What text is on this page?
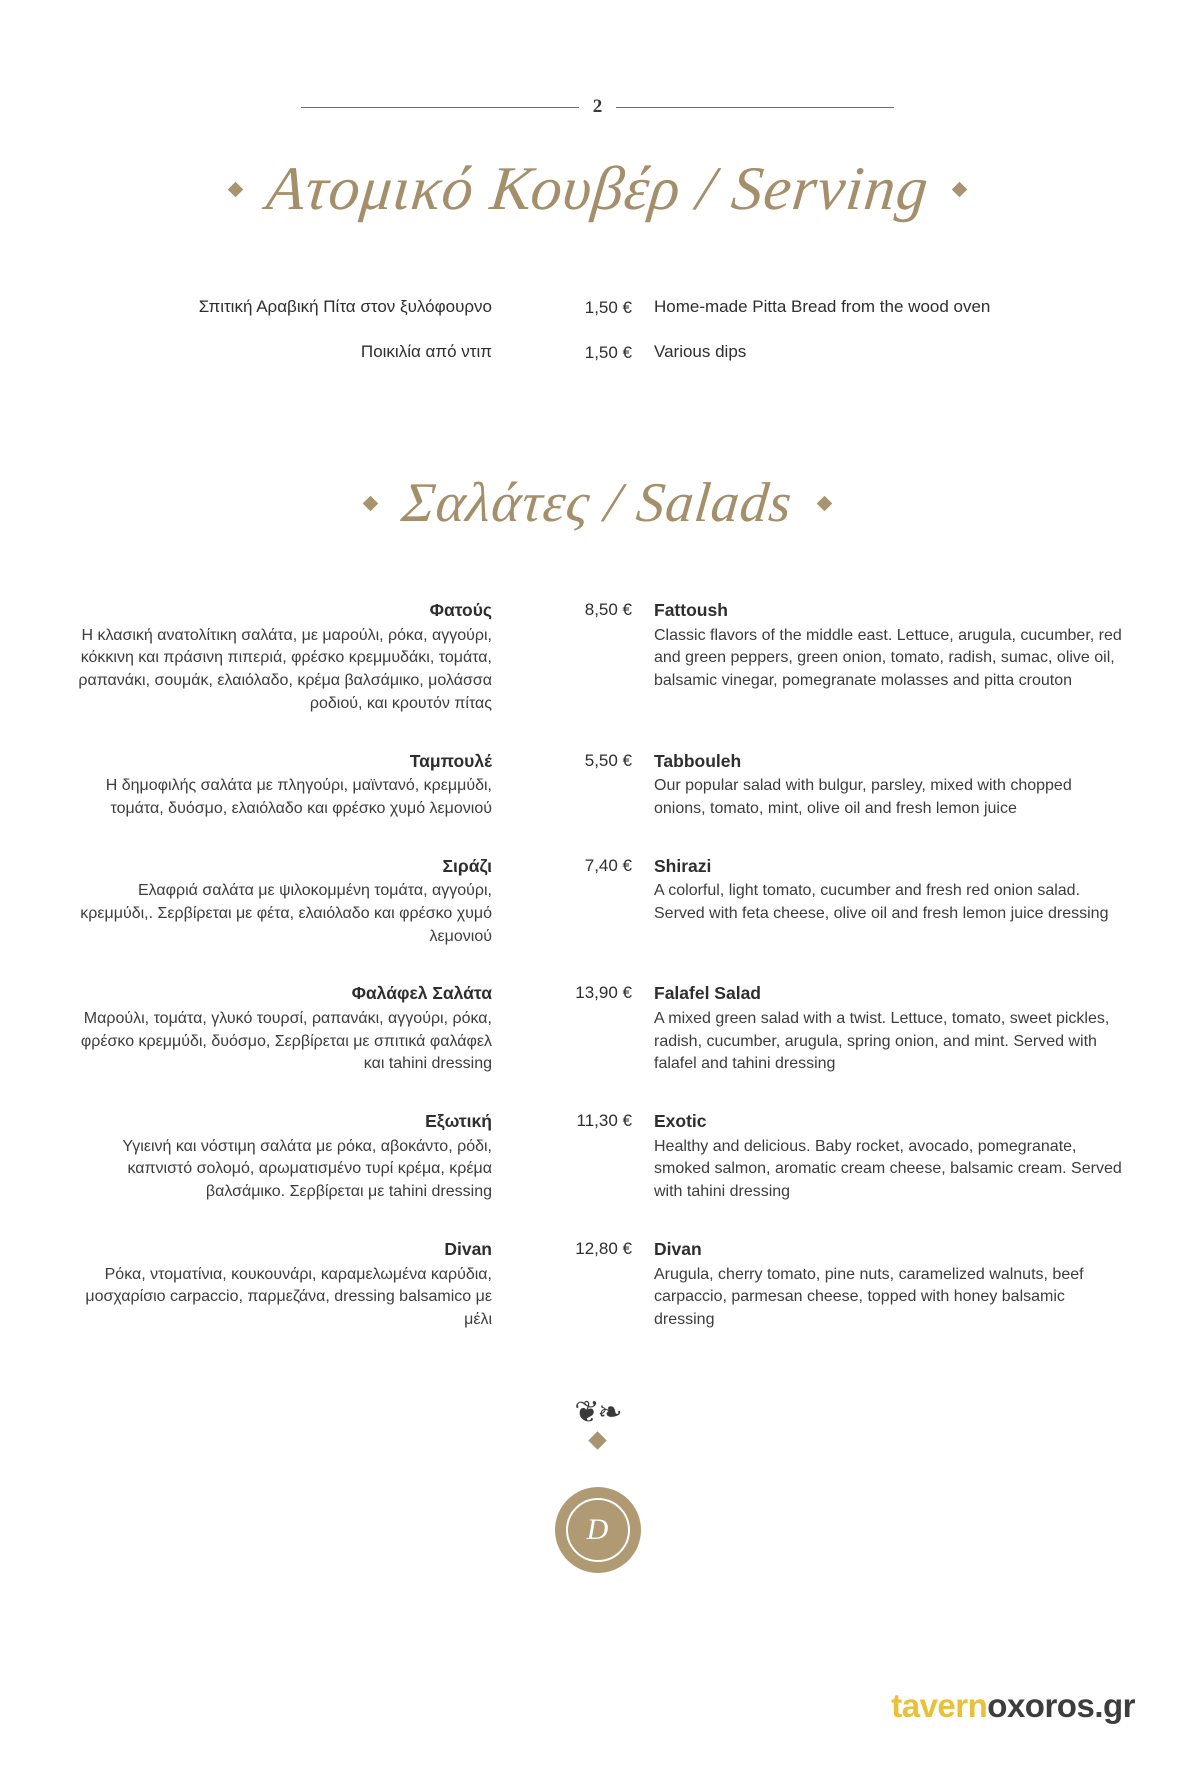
2
Ατομικό Κουβέρ / Serving
Σπιτική Αραβική Πίτα στον ξυλόφουρνο	1,50 € Home-made Pitta Bread from the wood oven
Ποικιλία από ντιπ	1,50 € Various dips
Σαλάτες / Salads
Φατούς
Η κλασική ανατολίτικη σαλάτα, με μαρούλι, ρόκα, αγγούρι, κόκκινη και πράσινη πιπεριά, φρέσκο κρεμμυδάκι, τομάτα, ραπανάκι, σουμάκ, ελαιόλαδο, κρέμα βαλσάμικο, μολάσσα ροδιού, και κρουτόν πίτας
8,50 € Fattoush
Classic flavors of the middle east. Lettuce, arugula, cucumber, red and green peppers, green onion, tomato, radish, sumac, olive oil, balsamic vinegar, pomegranate molasses and pitta crouton
Ταμπουλέ
Η δημοφιλής σαλάτα με πληγούρι, μαϊντανό, κρεμμύδι, τομάτα, δυόσμο, ελαιόλαδο και φρέσκο χυμό λεμονιού
5,50 € Tabbouleh
Our popular salad with bulgur, parsley, mixed with chopped onions, tomato, mint, olive oil and fresh lemon juice
Σιράζι
Ελαφριά σαλάτα με ψιλοκομμένη τομάτα, αγγούρι, κρεμμύδι,. Σερβίρεται με φέτα, ελαιόλαδο και φρέσκο χυμό λεμονιού
7,40 € Shirazi
A colorful, light tomato, cucumber and fresh red onion salad. Served with feta cheese, olive oil and fresh lemon juice dressing
Φαλάφελ Σαλάτα
Μαρούλι, τομάτα, γλυκό τουρσί, ραπανάκι, αγγούρι, ρόκα, φρέσκο κρεμμύδι, δυόσμο, Σερβίρεται με σπιτικά φαλάφελ και tahini dressing
13,90 € Falafel Salad
A mixed green salad with a twist. Lettuce, tomato, sweet pickles, radish, cucumber, arugula, spring onion, and mint. Served with falafel and tahini dressing
Εξωτική
Υγιεινή και νόστιμη σαλάτα με ρόκα, αβοκάντο, ρόδι, καπνιστό σολομό, αρωματισμένο τυρί κρέμα, κρέμα βαλσάμικο. Σερβίρεται με tahini dressing
11,30 € Exotic
Healthy and delicious. Baby rocket, avocado, pomegranate, smoked salmon, aromatic cream cheese, balsamic cream. Served with tahini dressing
Divan
Ρόκα, ντοματίνια, κουκουνάρι, καραμελωμένα καρύδια, μοσχαρίσιο carpaccio, παρμεζάνα, dressing balsamico με μέλι
12,80 € Divan
Arugula, cherry tomato, pine nuts, caramelized walnuts, beef carpaccio, parmesan cheese, topped with honey balsamic dressing
❦❧
D
tavernoxoros.gr
